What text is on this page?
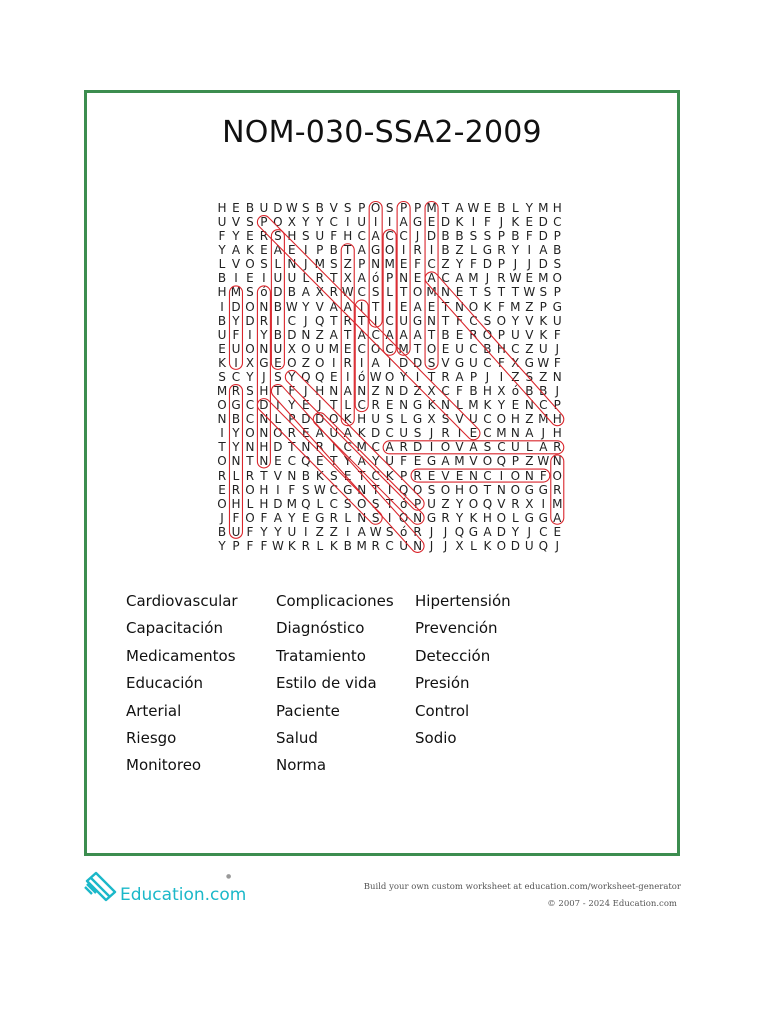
NOM-030-SSA2-2009
H E B U D W S B V S P O S P P M T A W E B L Y M H
U V S P O X Y Y C I U I I A G E D K I F J K E D C
F Y E R S H S U F H C A C C J D B B S S P B F D P
Y A K E A E I P B T A G O I R I B Z L G R Y I A B
L V O S L N J M S Z P N M E F C Z Y F D P J J D S
B I E I U U L R T X A ó P N E A C A M J R W E M O
H M S ó D B A X R W C S L T O M N E T S T T W S P
I D O N B W Y V A A I T I E A E T N O K F M Z P G
B Y D R I C J Q T R T I C U G N T F C S O Y V K U
U F I Y B D N Z A T A C A A A T B E R O P U V K F
E U O N U X O U M E C O C M T O E U C B H C Z U J
K I X G E O Z O I R I A I D D S V G U C F X G W F
S C Y J S Y Q Q E I ó W O Y I T R A P J I Z S Z N
M R S H T F J H N A N Z N D Z X C F B H X ó B B J
O G C D I Y E J T L C R E N G K N L M K Y E N C P
N B C N L P D D O K H U S L G X S V U C O H Z M H
I Y O N O R E A U A K D C U S J R I E C M N A J H
T Y N H D T N R I C M C A R D I O V A S C U L A R
O N T N E C Q E T Y A Y U F E G A M V O Q P Z W N
R L R T V N B K S E T C K P R E V E N C I O N F O
E R O H I F S W C G N T I Q O S O H O T N O G G R
O H L H D M Q L C S O S T ó P U Z Y O Q V R X I M
J F O F A Y E G R L N S I O N G R Y K H O L G G A
B U F Y Y U I Z Z I A W S ó R J J Q G A D Y J C E
Y P F F W K R L K B M R C U N J J X L K O D U Q J
Cardiovascular
Capacitación
Medicamentos
Educación
Arterial
Riesgo
Monitoreo
Complicaciones
Diagnóstico
Tratamiento
Estilo de vida
Paciente
Salud
Norma
Hipertensión
Prevención
Detección
Presión
Control
Sodio
Education.com
●
Build your own custom worksheet at education.com/worksheet-generator
© 2007 - 2024 Education.com
